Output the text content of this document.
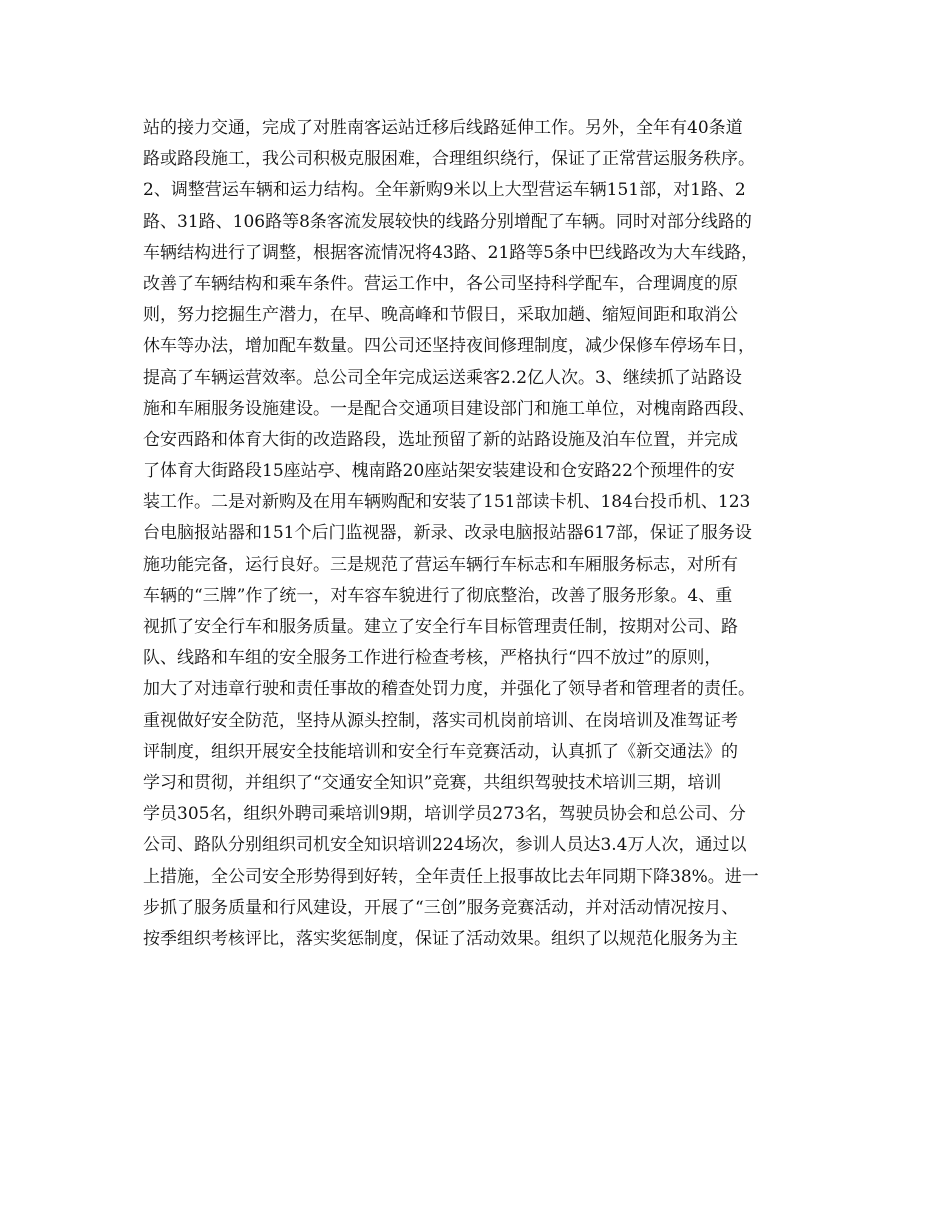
站的接力交通，完成了对胜南客运站迁移后线路延伸工作。另外，全年有40条道
路或路段施工，我公司积极克服困难，合理组织绕行，保证了正常营运服务秩序。
2、调整营运车辆和运力结构。全年新购9米以上大型营运车辆151部，对1路、2
路、31路、106路等8条客流发展较快的线路分别增配了车辆。同时对部分线路的
车辆结构进行了调整，根据客流情况将43路、21路等5条中巴线路改为大车线路，
改善了车辆结构和乘车条件。营运工作中，各公司坚持科学配车，合理调度的原
则，努力挖掘生产潜力，在早、晚高峰和节假日，采取加趟、缩短间距和取消公
休车等办法，增加配车数量。四公司还坚持夜间修理制度，减少保修车停场车日，
提高了车辆运营效率。总公司全年完成运送乘客2.2亿人次。3、继续抓了站路设
施和车厢服务设施建设。一是配合交通项目建设部门和施工单位，对槐南路西段、
仓安西路和体育大街的改造路段，选址预留了新的站路设施及泊车位置，并完成
了体育大街路段15座站亭、槐南路20座站架安装建设和仓安路22个预埋件的安
装工作。二是对新购及在用车辆购配和安装了151部读卡机、184台投币机、123
台电脑报站器和151个后门监视器，新录、改录电脑报站器617部，保证了服务设
施功能完备，运行良好。三是规范了营运车辆行车标志和车厢服务标志，对所有
车辆的“三牌”作了统一，对车容车貌进行了彻底整治，改善了服务形象。4、重
视抓了安全行车和服务质量。建立了安全行车目标管理责任制，按期对公司、路
队、线路和车组的安全服务工作进行检查考核，严格执行“四不放过”的原则，
加大了对违章行驶和责任事故的稽查处罚力度，并强化了领导者和管理者的责任。
重视做好安全防范，坚持从源头控制，落实司机岗前培训、在岗培训及准驾证考
评制度，组织开展安全技能培训和安全行车竞赛活动，认真抓了《新交通法》的
学习和贯彻，并组织了“交通安全知识”竞赛，共组织驾驶技术培训三期，培训
学员305名，组织外聘司乘培训9期，培训学员273名，驾驶员协会和总公司、分
公司、路队分别组织司机安全知识培训224场次，参训人员达3.4万人次，通过以
上措施，全公司安全形势得到好转，全年责任上报事故比去年同期下降38%。进一
步抓了服务质量和行风建设，开展了“三创”服务竞赛活动，并对活动情况按月、
按季组织考核评比，落实奖惩制度，保证了活动效果。组织了以规范化服务为主
